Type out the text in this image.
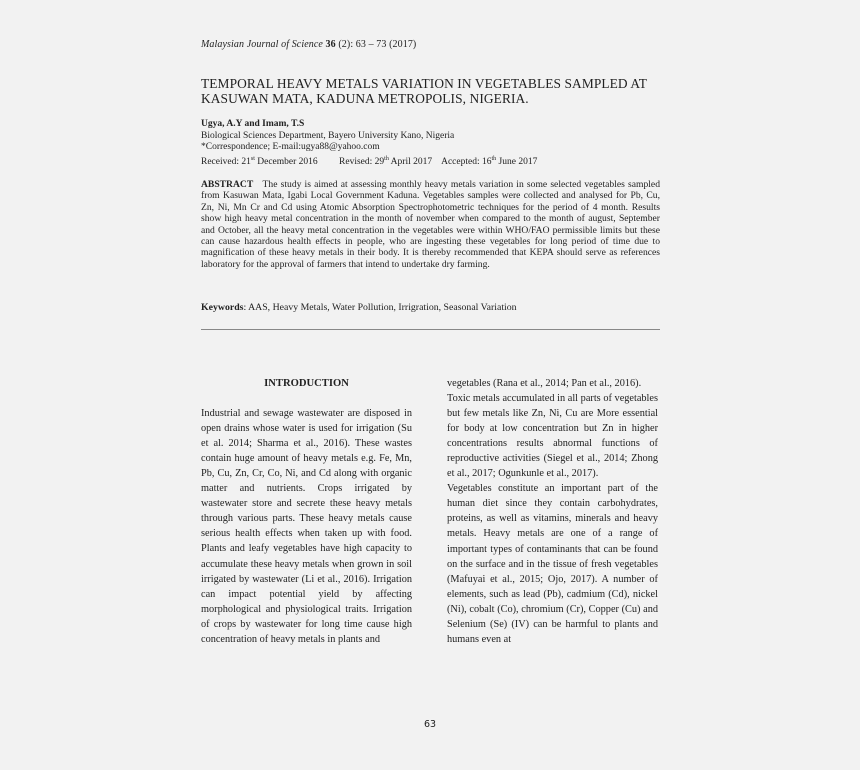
Malaysian Journal of Science 36 (2): 63 – 73 (2017)
TEMPORAL HEAVY METALS VARIATION IN VEGETABLES SAMPLED AT KASUWAN MATA, KADUNA METROPOLIS, NIGERIA.
Ugya, A.Y and Imam, T.S
Biological Sciences Department, Bayero University Kano, Nigeria
*Correspondence; E-mail:ugya88@yahoo.com
Received: 21st December 2016 Revised: 29th April 2017 Accepted: 16th June 2017
ABSTRACT The study is aimed at assessing monthly heavy metals variation in some selected vegetables sampled from Kasuwan Mata, Igabi Local Government Kaduna. Vegetables samples were collected and analysed for Pb, Cu, Zn, Ni, Mn Cr and Cd using Atomic Absorption Spectrophotometric techniques for the period of 4 month. Results show high heavy metal concentration in the month of november when compared to the month of august, September and October, all the heavy metal concentration in the vegetables were within WHO/FAO permissible limits but these can cause hazardous health effects in people, who are ingesting these vegetables for long period of time due to magnification of these heavy metals in their body. It is thereby recommended that KEPA should serve as references laboratory for the approval of farmers that intend to undertake dry farming.
Keywords: AAS, Heavy Metals, Water Pollution, Irrigration, Seasonal Variation
INTRODUCTION

Industrial and sewage wastewater are disposed in open drains whose water is used for irrigation (Su et al. 2014; Sharma et al., 2016). These wastes contain huge amount of heavy metals e.g. Fe, Mn, Pb, Cu, Zn, Cr, Co, Ni, and Cd along with organic matter and nutrients. Crops irrigated by wastewater store and secrete these heavy metals through various parts. These heavy metals cause serious health effects when taken up with food. Plants and leafy vegetables have high capacity to accumulate these heavy metals when grown in soil irrigated by wastewater (Li et al., 2016). Irrigation can impact potential yield by affecting morphological and physiological traits. Irrigation of crops by wastewater for long time cause high concentration of heavy metals in plants and

vegetables (Rana et al., 2014; Pan et al., 2016).

Toxic metals accumulated in all parts of vegetables but few metals like Zn, Ni, Cu are More essential for body at low concentration but Zn in higher concentrations results abnormal functions of reproductive activities (Siegel et al., 2014; Zhong et al., 2017; Ogunkunle et al., 2017).

Vegetables constitute an important part of the human diet since they contain carbohydrates, proteins, as well as vitamins, minerals and heavy metals. Heavy metals are one of a range of important types of contaminants that can be found on the surface and in the tissue of fresh vegetables (Mafuyai et al., 2015; Ojo, 2017). A number of elements, such as lead (Pb), cadmium (Cd), nickel (Ni), cobalt (Co), chromium (Cr), Copper (Cu) and Selenium (Se) (IV) can be harmful to plants and humans even at

63
